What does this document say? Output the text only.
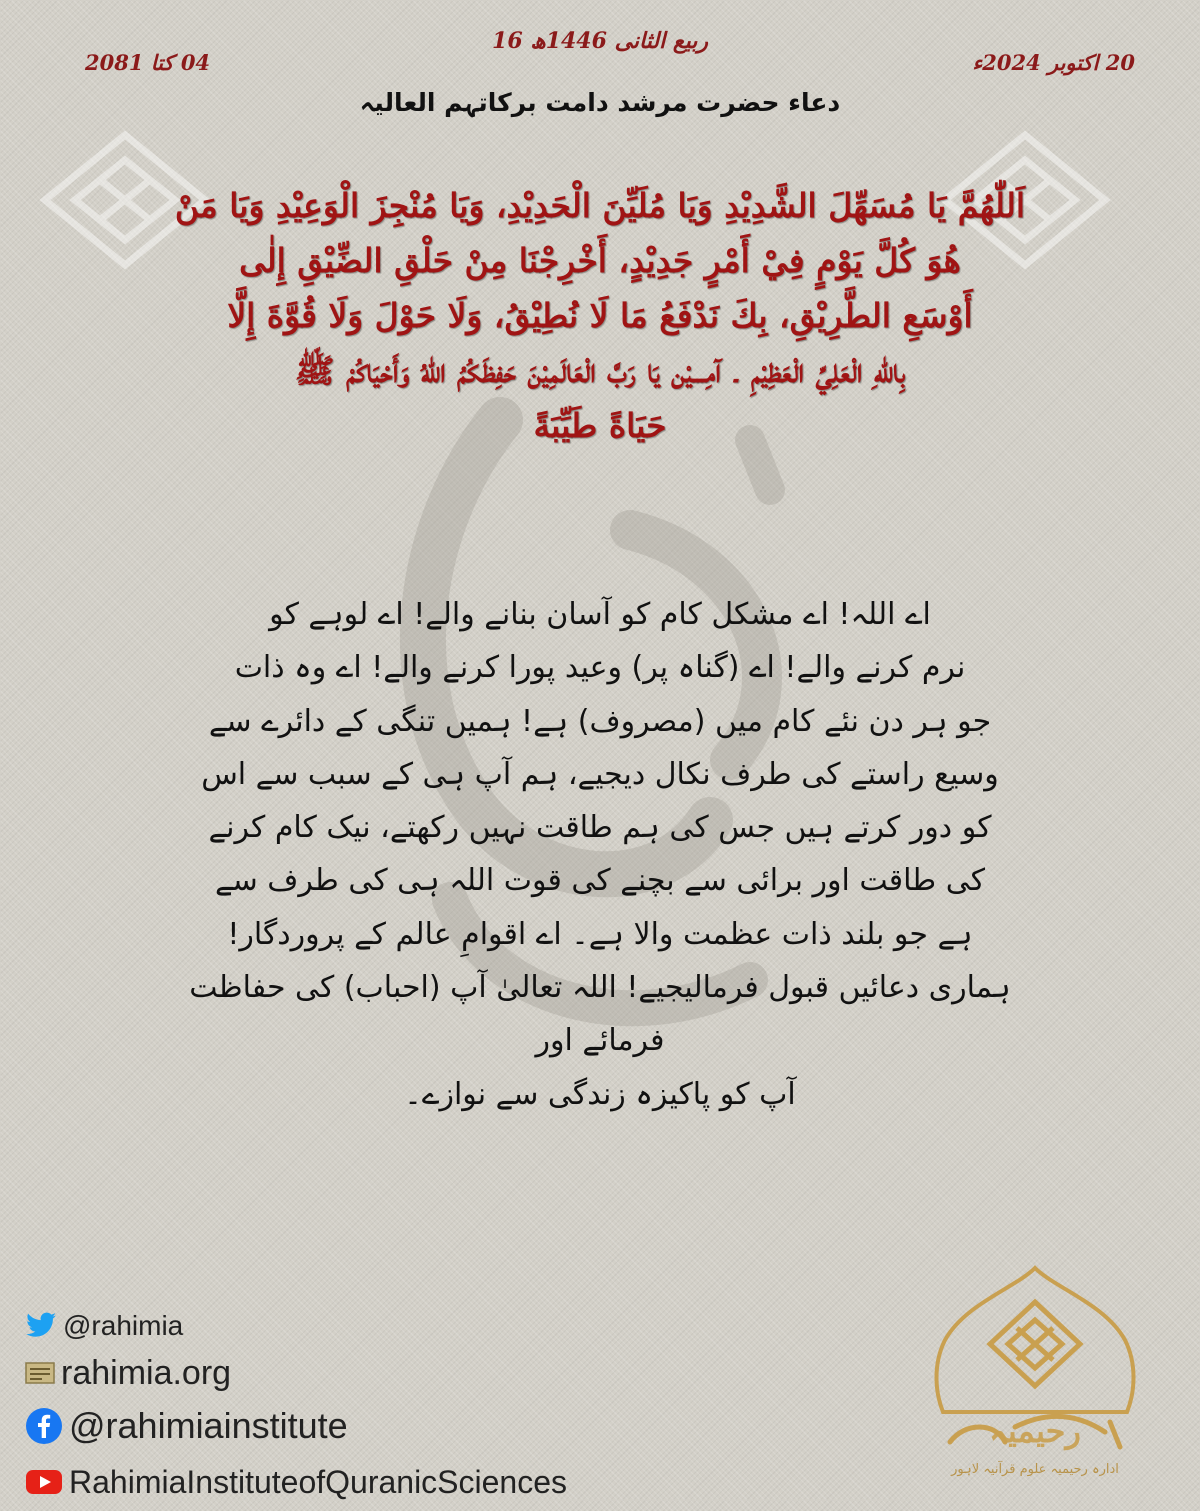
16 ربیع الثانی 1446ھ
04 کتا 2081	20 اکتوبر 2024ء
دعاء حضرت مرشد دامت برکاتہم العالیہ
اَللّٰهُمَّ يَا مُسَهِّلَ الشَّدِيْدِ وَيَا مُلَيِّنَ الْحَدِيْدِ، وَيَا مُنْجِزَ الْوَعِيْدِ وَيَا مَنْ
هُوَ كُلَّ يَوْمٍ فِيْ أَمْرٍ جَدِيْدٍ، أَخْرِجْنَا مِنْ حَلْقِ الضِّيْقِ إِلٰى
أَوْسَعِ الطَّرِيْقِ، بِكَ نَدْفَعُ مَا لَا نُطِيْقُ، وَلَا حَوْلَ وَلَا قُوَّةَ إِلَّا
بِاللّٰهِ الْعَلِيِّ الْعَظِيْمِ ۔ آمِـــيْن يَا رَبَّ الْعَالَمِيْنَ حَفِظَكُمُ اللّٰهُ وَأَحْيَاكُمْ ﷺ
حَيَاةً طَيِّبَةً
اے اللہ! اے مشکل کام کو آسان بنانے والے! اے لوہے کو
نرم کرنے والے! اے (گناہ پر) وعید پورا کرنے والے! اے وہ ذات
جو ہر دن نئے کام میں (مصروف) ہے! ہمیں تنگی کے دائرے سے
وسیع راستے کی طرف نکال دیجیے، ہم آپ ہی کے سبب سے اس
کو دور کرتے ہیں جس کی ہم طاقت نہیں رکھتے، نیک کام کرنے
کی طاقت اور برائی سے بچنے کی قوت اللہ ہی کی طرف سے
ہے جو بلند ذات عظمت والا ہے۔ اے اقوامِ عالم کے پروردگار!
ہماری دعائیں قبول فرمالیجیے! اللہ تعالیٰ آپ (احباب) کی حفاظت فرمائے اور
آپ کو پاکیزہ زندگی سے نوازے۔
@rahimia
rahimia.org
@rahimiainstitute
RahimiaInstituteofQuranicSciences
رحیمیہ
ادارہ رحیمیہ علوم قرآنیہ لاہور
